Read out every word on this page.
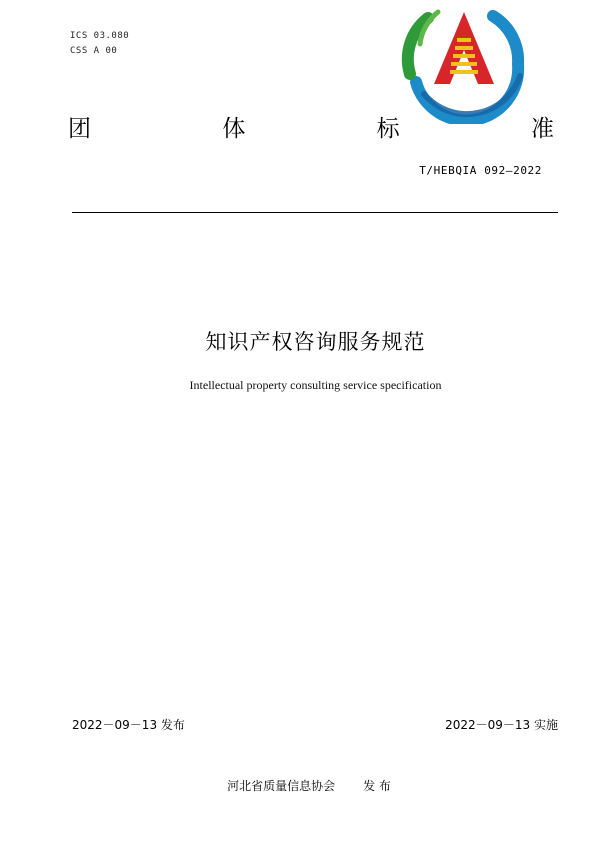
ICS 03.080
CSS A 00
团	体	标	准
T/HEBQIA 092—2022
知识产权咨询服务规范
Intellectual property consulting service specification
2022－09－13 发布	2022－09－13 实施
河北省质量信息协会 发 布
